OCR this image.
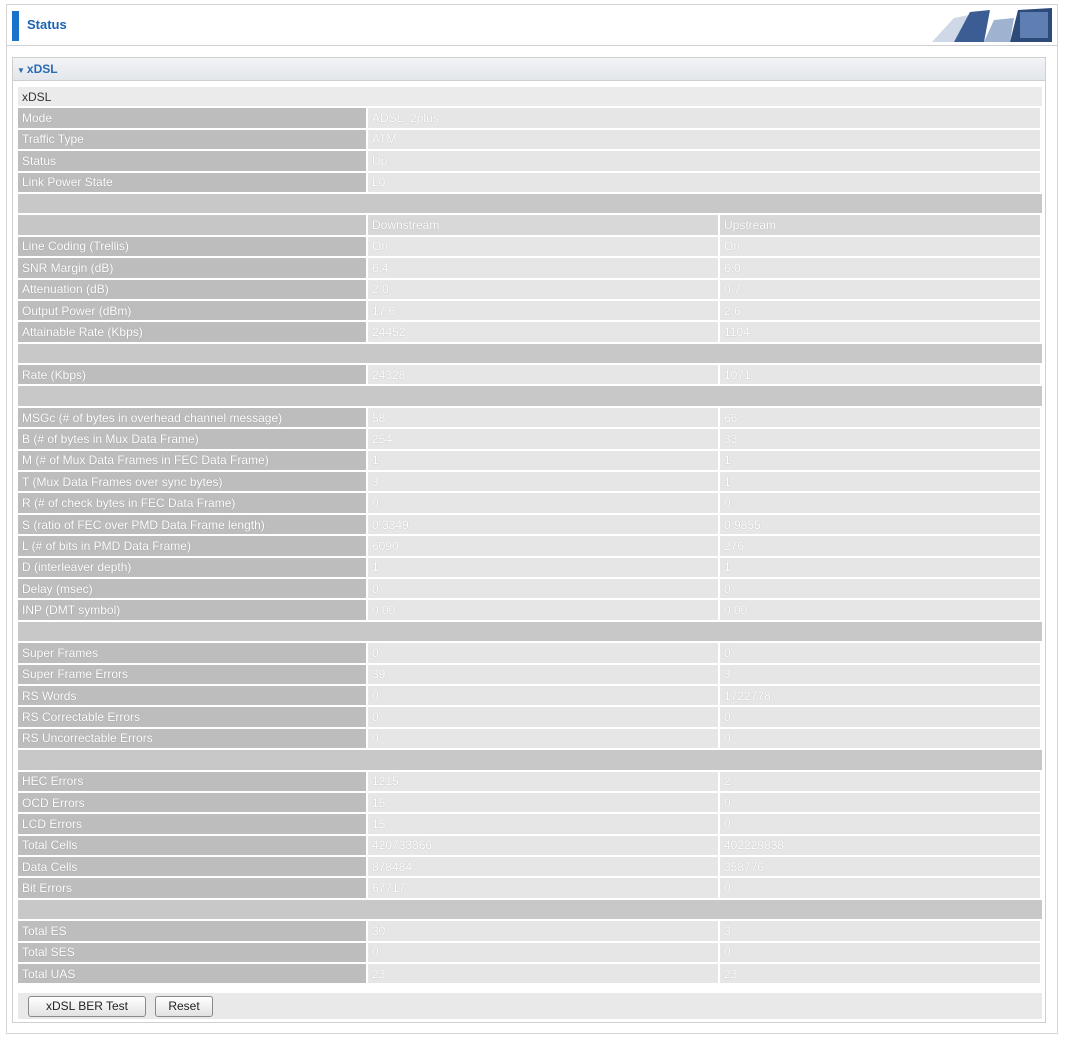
Status
▼ xDSL
xDSL		
Mode	ADSL_2plus	
Traffic Type	ATM	
Status	Up	
Link Power State	L0	

	Downstream	Upstream
Line Coding (Trellis)	On	On
SNR Margin (dB)	6.4	6.0
Attenuation (dB)	2.0	0.7
Output Power (dBm)	17.6	2.6
Attainable Rate (Kbps)	24452	1104

Rate (Kbps)	24328	1071

MSGc (# of bytes in overhead channel message)	58	66
B (# of bytes in Mux Data Frame)	254	33
M (# of Mux Data Frames in FEC Data Frame)	1	1
T (Mux Data Frames over sync bytes)	3	1
R (# of check bytes in FEC Data Frame)	0	0
S (ratio of FEC over PMD Data Frame length)	0.3349	0.9855
L (# of bits in PMD Data Frame)	6090	276
D (interleaver depth)	1	1
Delay (msec)	0	0
INP (DMT symbol)	0.00	0.00

Super Frames	0	0
Super Frame Errors	39	3
RS Words	0	1722778
RS Correctable Errors	0	0
RS Uncorrectable Errors	0	0

HEC Errors	1215	2
OCD Errors	15	0
LCD Errors	15	0
Total Cells	420733366	402229838
Data Cells	878484	358776
Bit Errors	67717	0

Total ES	30	3
Total SES	0	0
Total UAS	23	23
xDSL BER Test	Reset
